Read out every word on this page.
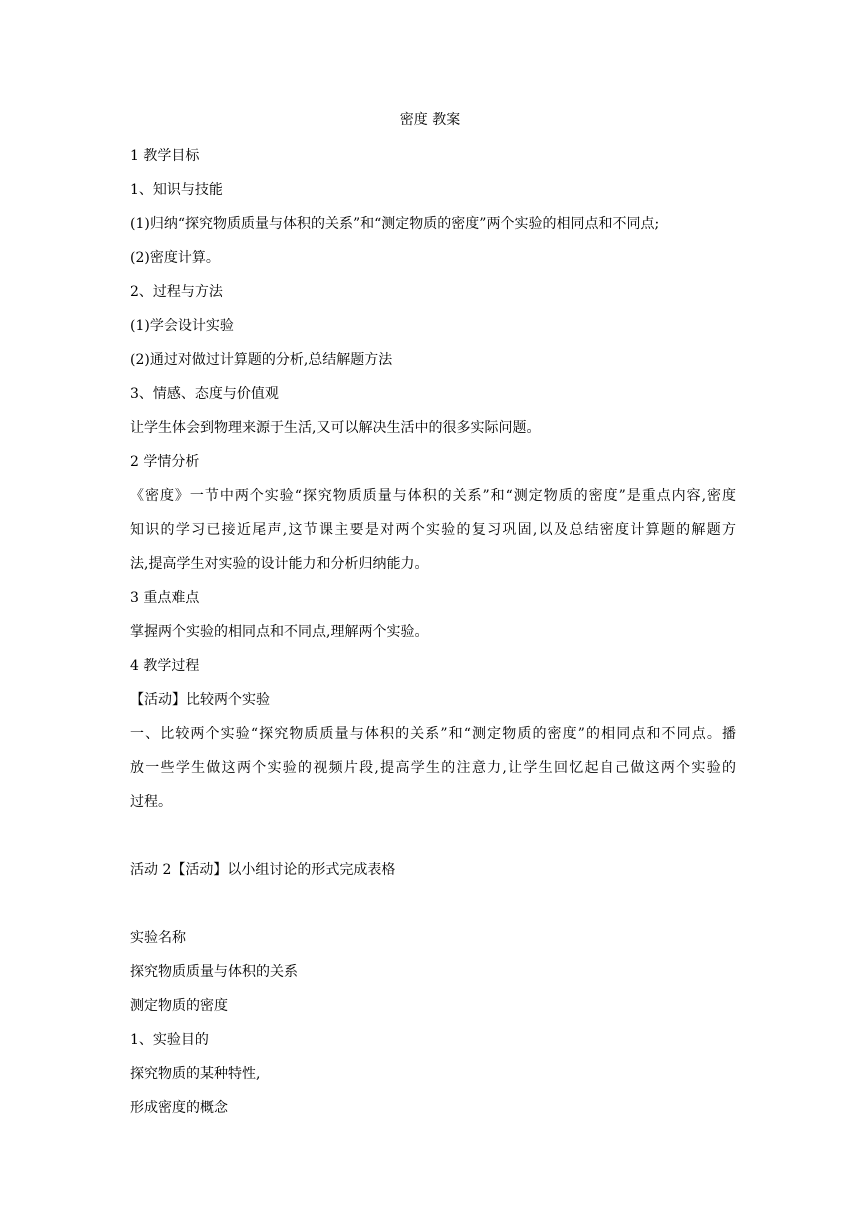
密度 教案
1 教学目标
1、知识与技能
(1)归纳“探究物质质量与体积的关系”和“测定物质的密度”两个实验的相同点和不同点;
(2)密度计算。
2、过程与方法
(1)学会设计实验
(2)通过对做过计算题的分析,总结解题方法
3、情感、态度与价值观
让学生体会到物理来源于生活,又可以解决生活中的很多实际问题。
2 学情分析
《密度》一节中两个实验“探究物质质量与体积的关系”和“测定物质的密度”是重点内容,密度
知识的学习已接近尾声,这节课主要是对两个实验的复习巩固,以及总结密度计算题的解题方
法,提高学生对实验的设计能力和分析归纳能力。
3 重点难点
掌握两个实验的相同点和不同点,理解两个实验。
4 教学过程
【活动】比较两个实验
一、比较两个实验“探究物质质量与体积的关系”和“测定物质的密度”的相同点和不同点。播
放一些学生做这两个实验的视频片段,提高学生的注意力,让学生回忆起自己做这两个实验的
过程。
活动 2【活动】以小组讨论的形式完成表格
实验名称
探究物质质量与体积的关系
测定物质的密度
1、实验目的
探究物质的某种特性,
形成密度的概念
